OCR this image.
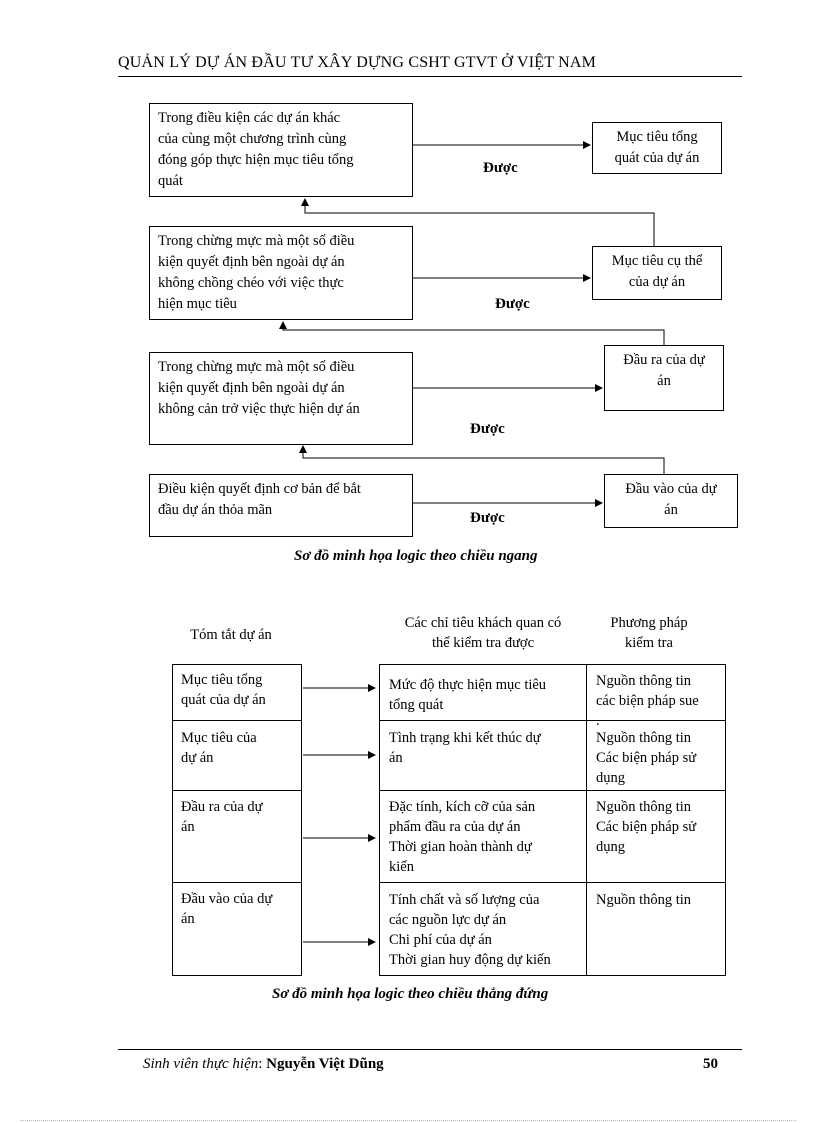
QUẢN LÝ DỰ ÁN ĐẦU TƯ XÂY DỰNG CSHT GTVT Ở VIỆT NAM
Trong điều kiện các dự án khác
của cùng một chương trình cùng
đóng góp thực hiện mục tiêu tổng
quát
Trong chừng mực mà một số điều
kiện quyết định bên ngoài dự án
không chồng chéo với việc thực
hiện mục tiêu
Trong chừng mực mà một số điều
kiện quyết định bên ngoài dự án
không cản trở việc thực hiện dự án
Điều kiện quyết định cơ bản để bắt
đầu dự án thỏa mãn
Mục tiêu tổng
quát của dự án
Mục tiêu cụ thể
của dự án
Đầu ra của dự
án
Đầu vào của dự
án
Được
Được
Được
Được
Sơ đồ minh họa logic theo chiều ngang
Tóm tắt dự án
Các chỉ tiêu khách quan có
thể kiểm tra được
Phương pháp
kiểm tra
Mục tiêu tổng
quát của dự án
Mục tiêu của
dự án
Đầu ra của dự
án
Đầu vào của dự
án
Mức độ thực hiện mục tiêu
tổng quát
Tình trạng khi kết thúc dự
án
Đặc tính, kích cỡ của sản
phẩm đầu ra của dự án
Thời gian hoàn thành dự
kiến
Tính chất và số lượng của
các nguồn lực dự án
Chi phí của dự án
Thời gian huy động dự kiến
Nguồn thông tin
các biện pháp sue
.
Nguồn thông tin
Các biện pháp sử
dụng
Nguồn thông tin
Các biện pháp sử
dụng
Nguồn thông tin
Sơ đồ minh họa logic theo chiều thẳng đứng
Sinh viên thực hiện: Nguyễn Việt Dũng	50
